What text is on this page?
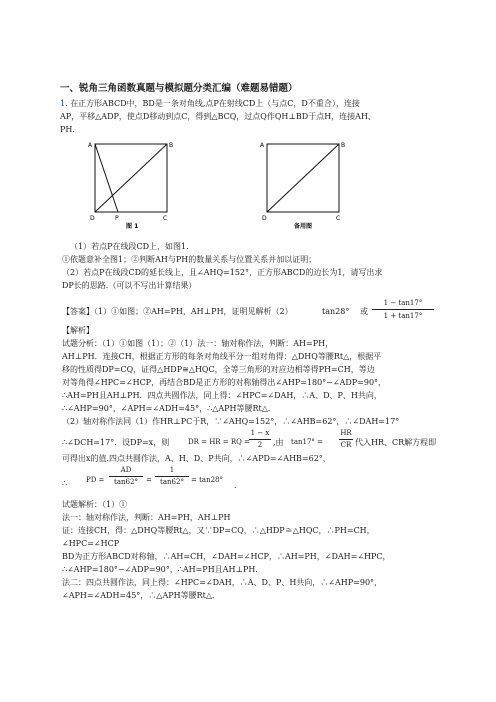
一、锐角三角函数真题与模拟题分类汇编（难题易错题）
1. 在正方形ABCD中，BD是一条对角线,点P在射线CD上（与点C，D不重合），连接
AP，平移△ADP，使点D移动到点C，得到△BCQ，过点Q作QH⊥BD于点H，连接AH、
PH.
A	B
D	P	C
图 1
A	B
D	C
备用图
（1）若点P在线段CD上，如图1.
①依题意补全图1；②判断AH与PH的数量关系与位置关系并加以证明；
（2）若点P在线段CD的延长线上，且∠AHQ=152°，正方形ABCD的边长为1，请写出求
DP长的思路.（可以不写出计算结果）
【答案】（1）①如图；②AH=PH，AH⊥PH，证明见解析（2）	tan28° 或
1 − tan17°
1 + tan17°
【解析】
试题分析：（1）①如图（1）；②（1）法一：轴对称作法，判断：AH=PH，
AH⊥PH．连接CH，根据正方形的每条对角线平分一组对角得：△DHQ等腰Rt△，根据平
移的性质得DP=CQ，证得△HDP≅△HQC，全等三角形的对应边相等得PH=CH，等边
对等角得∠HPC=∠HCP，再结合BD是正方形的对称轴得出∠AHP=180°−∠ADP=90°，
∴AH=PH且AH⊥PH．四点共圆作法，同上得：∠HPC=∠DAH，∴A、D、P、H共向，
∴∠AHP=90°，∠APH=∠ADH=45°，∴△APH等腰Rt△．
（2）轴对称作法同（1）作HR⊥PC于R，∵∠AHQ=152°，∴∠AHB=62°，∴∠DAH=17°
∴∠DCH=17°．设DP=x，则	DR = HR = RQ =
1 − x
2	,由 tan17° =
HR
CR 代入HR、CR解方程即
可得出x的值.四点共圆作法，A、H、D、P共向，∴∠APD=∠AHB=62°，
∴	PD =
AD
tan62°	=
1
tan62°	= tan28°
.
试题解析：（1）①
法一：轴对称作法，判断：AH=PH，AH⊥PH
证：连接CH，得：△DHQ等腰Rt△，又∵DP=CQ，∴△HDP≅△HQC，∴PH=CH，
∠HPC=∠HCP
BD为正方形ABCD对称轴，∴AH=CH，∠DAH=∠HCP，∴AH=PH，∠DAH=∠HPC，
∴∠AHP=180°−∠ADP=90°，∴AH=PH且AH⊥PH．
法二：四点共圆作法，同上得：∠HPC=∠DAH，∴A、D、P、H共向，∴∠AHP=90°，
∠APH=∠ADH=45°，∴△APH等腰Rt△．
